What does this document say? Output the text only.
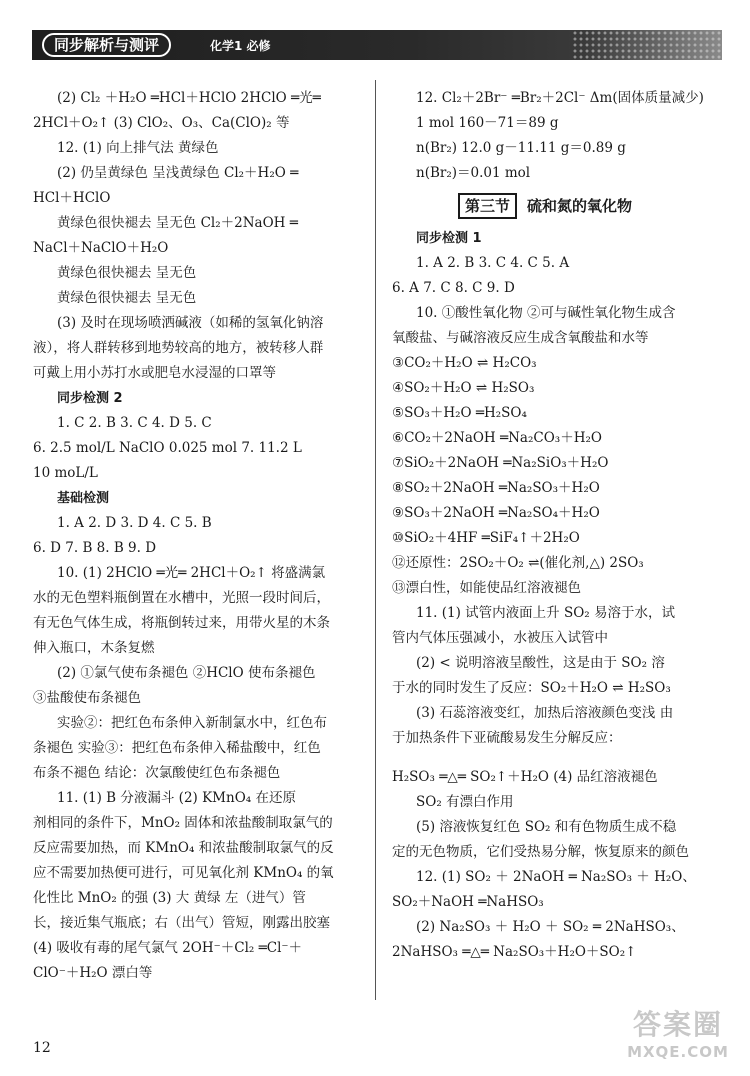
同步解析与测评	化学1 必修
(2) Cl₂ ＋H₂O ═HCl＋HClO 2HClO ═光═
2HCl＋O₂↑ (3) ClO₂、O₃、Ca(ClO)₂ 等
12. (1) 向上排气法 黄绿色
(2) 仍呈黄绿色 呈浅黄绿色 Cl₂＋H₂O ═
HCl＋HClO
黄绿色很快褪去 呈无色 Cl₂＋2NaOH ═
NaCl＋NaClO＋H₂O
黄绿色很快褪去 呈无色
黄绿色很快褪去 呈无色
(3) 及时在现场喷洒碱液（如稀的氢氧化钠溶
液），将人群转移到地势较高的地方，被转移人群
可戴上用小苏打水或肥皂水浸湿的口罩等
同步检测 2
1. C 2. B 3. C 4. D 5. C
6. 2.5 mol/L NaClO 0.025 mol 7. 11.2 L
10 moL/L
基础检测
1. A 2. D 3. D 4. C 5. B
6. D 7. B 8. B 9. D
10. (1) 2HClO ═光═ 2HCl＋O₂↑ 将盛满氯
水的无色塑料瓶倒置在水槽中，光照一段时间后，
有无色气体生成，将瓶倒转过来，用带火星的木条
伸入瓶口，木条复燃
(2) ①氯气使布条褪色 ②HClO 使布条褪色
③盐酸使布条褪色
实验②：把红色布条伸入新制氯水中，红色布
条褪色 实验③：把红色布条伸入稀盐酸中，红色
布条不褪色 结论：次氯酸使红色布条褪色
11. (1) B 分液漏斗 (2) KMnO₄ 在还原
剂相同的条件下，MnO₂ 固体和浓盐酸制取氯气的
反应需要加热，而 KMnO₄ 和浓盐酸制取氯气的反
应不需要加热便可进行，可见氧化剂 KMnO₄ 的氧
化性比 MnO₂ 的强 (3) 大 黄绿 左（进气）管
长，接近集气瓶底；右（出气）管短，刚露出胶塞
(4) 吸收有毒的尾气氯气 2OH⁻＋Cl₂ ═Cl⁻＋
ClO⁻＋H₂O 漂白等
12. Cl₂＋2Br⁻ ═Br₂＋2Cl⁻ Δm(固体质量减少)
1 mol 160－71＝89 g
n(Br₂) 12.0 g－11.11 g＝0.89 g
n(Br₂)＝0.01 mol
第三节 硫和氮的氧化物
同步检测 1
1. A 2. B 3. C 4. C 5. A
6. A 7. C 8. C 9. D
10. ①酸性氧化物 ②可与碱性氧化物生成含
氧酸盐、与碱溶液反应生成含氧酸盐和水等
③CO₂＋H₂O ⇌ H₂CO₃
④SO₂＋H₂O ⇌ H₂SO₃
⑤SO₃＋H₂O ═H₂SO₄
⑥CO₂＋2NaOH ═Na₂CO₃＋H₂O
⑦SiO₂＋2NaOH ═Na₂SiO₃＋H₂O
⑧SO₂＋2NaOH ═Na₂SO₃＋H₂O
⑨SO₃＋2NaOH ═Na₂SO₄＋H₂O
⑩SiO₂＋4HF ═SiF₄↑＋2H₂O
⑫还原性：2SO₂＋O₂ ⇌(催化剂,△) 2SO₃
⑬漂白性，如能使品红溶液褪色
11. (1) 试管内液面上升 SO₂ 易溶于水，试
管内气体压强减小，水被压入试管中
(2) < 说明溶液呈酸性，这是由于 SO₂ 溶
于水的同时发生了反应：SO₂＋H₂O ⇌ H₂SO₃
(3) 石蕊溶液变红，加热后溶液颜色变浅 由
于加热条件下亚硫酸易发生分解反应：
H₂SO₃ ═△═ SO₂↑＋H₂O (4) 品红溶液褪色
SO₂ 有漂白作用
(5) 溶液恢复红色 SO₂ 和有色物质生成不稳
定的无色物质，它们受热易分解，恢复原来的颜色
12. (1) SO₂ ＋ 2NaOH ═ Na₂SO₃ ＋ H₂O、
SO₂＋NaOH ═NaHSO₃
(2) Na₂SO₃ ＋ H₂O ＋ SO₂ ═ 2NaHSO₃、
2NaHSO₃ ═△═ Na₂SO₃＋H₂O＋SO₂↑
12
答案圈
MXQE.COM
